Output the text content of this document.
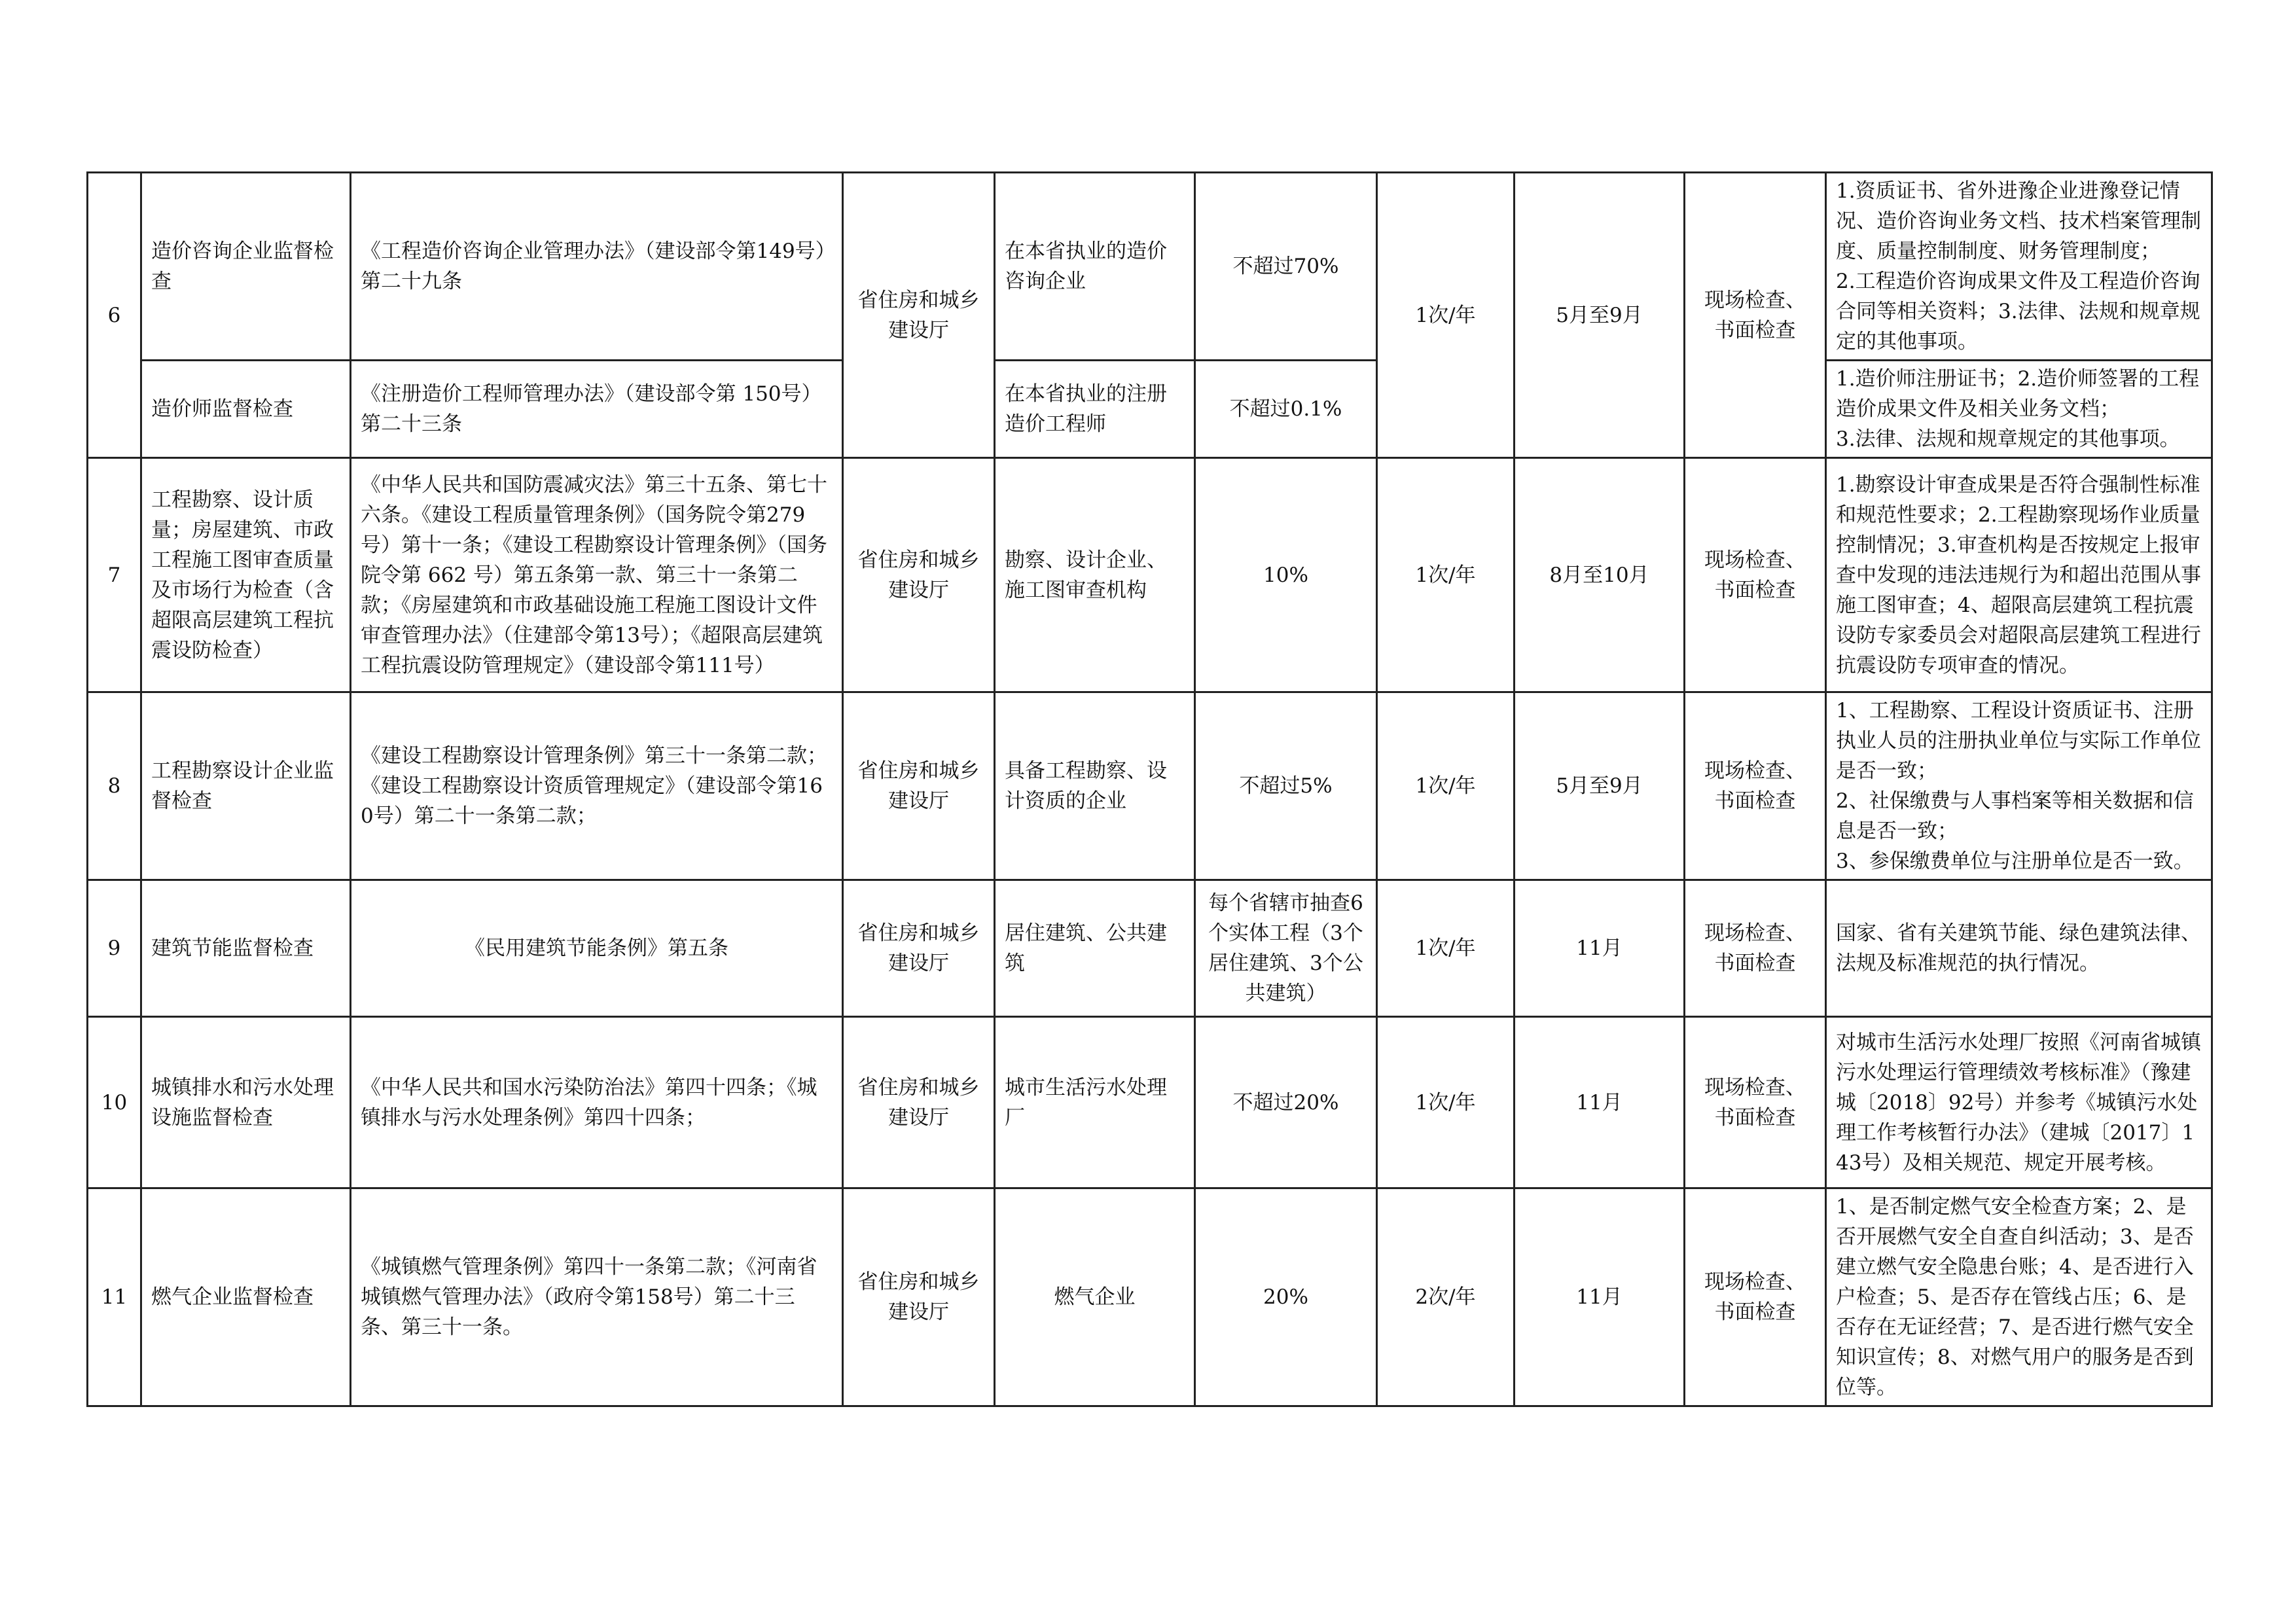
6	造价咨询企业监督检查	《工程造价咨询企业管理办法》（建设部令第149号）第二十九条	省住房和城乡建设厅	在本省执业的造价咨询企业	不超过70%	1次/年	5月至9月	现场检查、书面检查	1.资质证书、省外进豫企业进豫登记情况、造价咨询业务文档、技术档案管理制度、质量控制制度、财务管理制度；
2.工程造价咨询成果文件及工程造价咨询合同等相关资料；3.法律、法规和规章规定的其他事项。

	造价师监督检查	《注册造价工程师管理办法》（建设部令第 150号）第二十三条		在本省执业的注册造价工程师	不超过0.1%				1.造价师注册证书；2.造价师签署的工程造价成果文件及相关业务文档；
3.法律、法规和规章规定的其他事项。

7	工程勘察、设计质量；房屋建筑、市政工程施工图审查质量及市场行为检查（含超限高层建筑工程抗震设防检查）	《中华人民共和国防震减灾法》第三十五条、第七十六条。《建设工程质量管理条例》（国务院令第279号）第十一条；《建设工程勘察设计管理条例》（国务院令第 662 号）第五条第一款、第三十一条第二款；《房屋建筑和市政基础设施工程施工图设计文件审查管理办法》（住建部令第13号）；《超限高层建筑工程抗震设防管理规定》（建设部令第111号）	省住房和城乡建设厅	勘察、设计企业、施工图审查机构	10%	1次/年	8月至10月	现场检查、书面检查	1.勘察设计审查成果是否符合强制性标准和规范性要求；2.工程勘察现场作业质量控制情况；3.审查机构是否按规定上报审查中发现的违法违规行为和超出范围从事施工图审查；4、超限高层建筑工程抗震设防专家委员会对超限高层建筑工程进行抗震设防专项审查的情况。

8	工程勘察设计企业监督检查	《建设工程勘察设计管理条例》第三十一条第二款；《建设工程勘察设计资质管理规定》（建设部令第160号）第二十一条第二款；	省住房和城乡建设厅	具备工程勘察、设计资质的企业	不超过5%	1次/年	5月至9月	现场检查、书面检查	1、工程勘察、工程设计资质证书、注册执业人员的注册执业单位与实际工作单位是否一致；
2、社保缴费与人事档案等相关数据和信息是否一致；
3、参保缴费单位与注册单位是否一致。

9	建筑节能监督检查	《民用建筑节能条例》第五条	省住房和城乡建设厅	居住建筑、公共建筑	每个省辖市抽查6个实体工程（3个居住建筑、3个公共建筑）	1次/年	11月	现场检查、书面检查	国家、省有关建筑节能、绿色建筑法律、法规及标准规范的执行情况。

10	城镇排水和污水处理设施监督检查	《中华人民共和国水污染防治法》第四十四条；《城镇排水与污水处理条例》第四十四条；	省住房和城乡建设厅	城市生活污水处理厂	不超过20%	1次/年	11月	现场检查、书面检查	对城市生活污水处理厂按照《河南省城镇污水处理运行管理绩效考核标准》（豫建城〔2018〕92号）并参考《城镇污水处理工作考核暂行办法》（建城〔2017〕143号）及相关规范、规定开展考核。

11	燃气企业监督检查	《城镇燃气管理条例》第四十一条第二款；《河南省城镇燃气管理办法》（政府令第158号）第二十三条、第三十一条。	省住房和城乡建设厅	燃气企业	20%	2次/年	11月	现场检查、书面检查	1、是否制定燃气安全检查方案；2、是否开展燃气安全自查自纠活动；3、是否建立燃气安全隐患台账；4、是否进行入户检查；5、是否存在管线占压；6、是否存在无证经营；7、是否进行燃气安全知识宣传；8、对燃气用户的服务是否到位等。
